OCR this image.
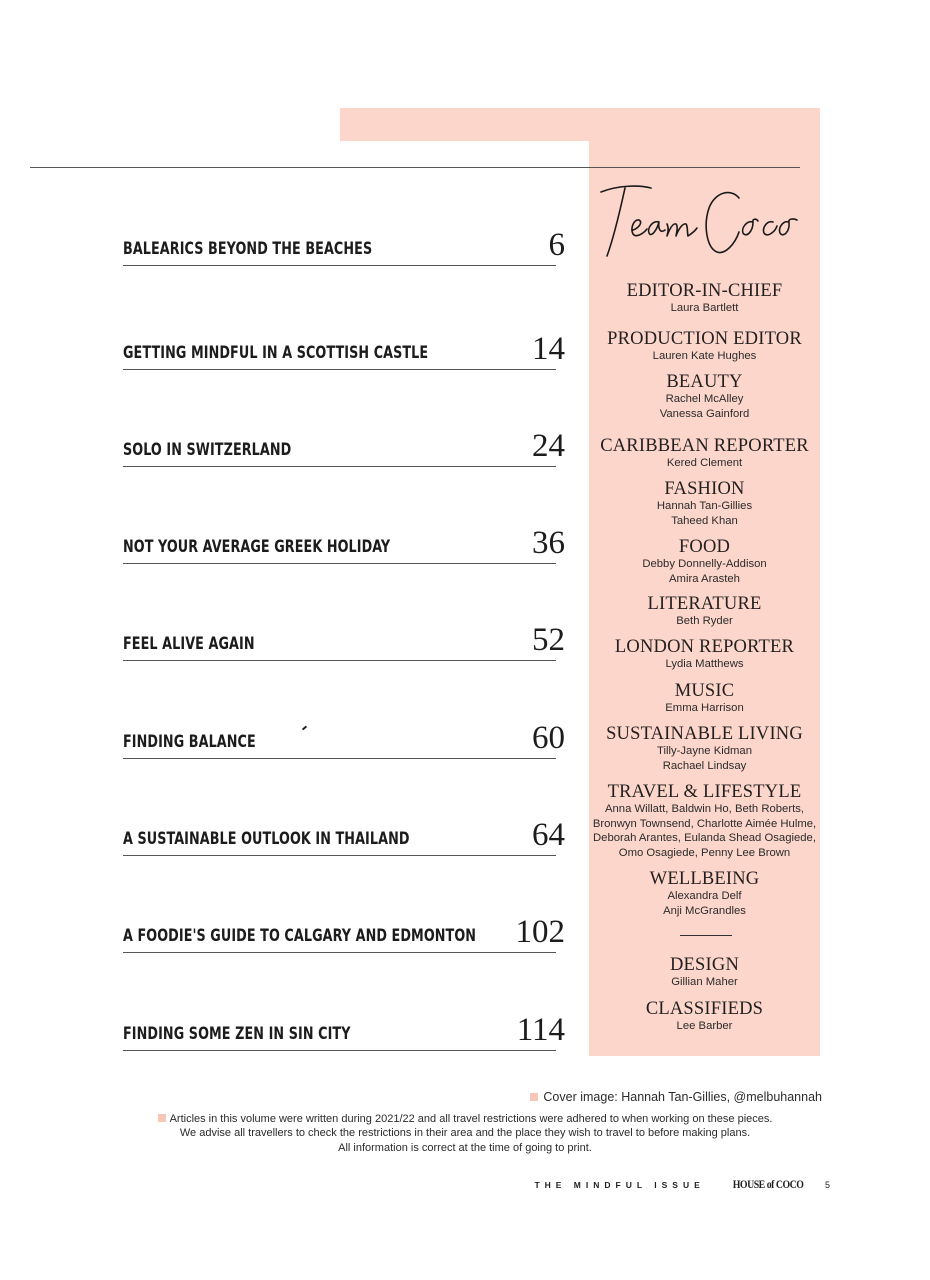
BALEARICS BEYOND THE BEACHES	6
GETTING MINDFUL IN A SCOTTISH CASTLE	14
SOLO IN SWITZERLAND	24
NOT YOUR AVERAGE GREEK HOLIDAY	36
FEEL ALIVE AGAIN	52
FINDING BALANCE	60
A SUSTAINABLE OUTLOOK IN THAILAND	64
A FOODIE'S GUIDE TO CALGARY AND EDMONTON 102
FINDING SOME ZEN IN SIN CITY	114
EDITOR-IN-CHIEF
Laura Bartlett
PRODUCTION EDITOR
Lauren Kate Hughes
BEAUTY
Rachel McAlley
Vanessa Gainford
CARIBBEAN REPORTER
Kered Clement
FASHION
Hannah Tan-Gillies
Taheed Khan
FOOD
Debby Donnelly-Addison
Amira Arasteh
LITERATURE
Beth Ryder
LONDON REPORTER
Lydia Matthews
MUSIC
Emma Harrison
SUSTAINABLE LIVING
Tilly-Jayne Kidman
Rachael Lindsay
TRAVEL & LIFESTYLE
Anna Willatt, Baldwin Ho, Beth Roberts,
Bronwyn Townsend, Charlotte Aimée Hulme,
Deborah Arantes, Eulanda Shead Osagiede,
Omo Osagiede, Penny Lee Brown
WELLBEING
Alexandra Delf
Anji McGrandles
DESIGN
Gillian Maher
CLASSIFIEDS
Lee Barber
Cover image: Hannah Tan-Gillies, @melbuhannah
Articles in this volume were written during 2021/22 and all travel restrictions were adhered to when working on these pieces.
We advise all travellers to check the restrictions in their area and the place they wish to travel to before making plans.
All information is correct at the time of going to print.
THE MINDFUL ISSUE HOUSE of COCO 5
